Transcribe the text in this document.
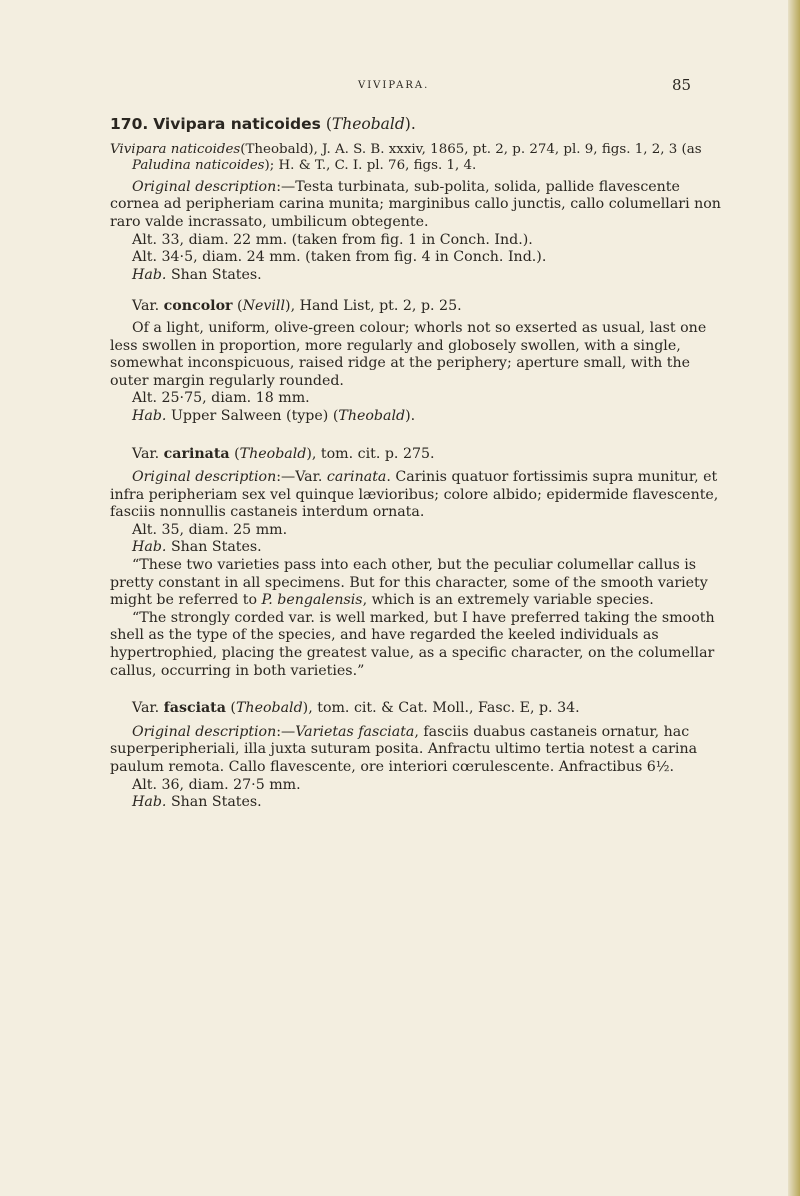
VIVIPARA.	85

170. Vivipara naticoides (Theobald).

Vivipara naticoides(Theobald), J. A. S. B. xxxiv, 1865, pt. 2, p. 274, pl. 9, figs. 1, 2, 3 (as Paludina naticoides); H. & T., C. I. pl. 76, figs. 1, 4.

Original description:—Testa turbinata, sub-polita, solida, pallide flavescente cornea ad peripheriam carina munita; marginibus callo junctis, callo columellari non raro valde incrassato, umbilicum obtegente.

Alt. 33, diam. 22 mm. (taken from fig. 1 in Conch. Ind.).

Alt. 34·5, diam. 24 mm. (taken from fig. 4 in Conch. Ind.).

Hab. Shan States.

Var. concolor (Nevill), Hand List, pt. 2, p. 25.

Of a light, uniform, olive-green colour; whorls not so exserted as usual, last one less swollen in proportion, more regularly and globosely swollen, with a single, somewhat inconspicuous, raised ridge at the periphery; aperture small, with the outer margin regularly rounded.

Alt. 25·75, diam. 18 mm.

Hab. Upper Salween (type) (Theobald).

Var. carinata (Theobald), tom. cit. p. 275.

Original description:—Var. carinata. Carinis quatuor fortissimis supra munitur, et infra peripheriam sex vel quinque lævioribus; colore albido; epidermide flavescente, fasciis nonnullis castaneis interdum ornata.

Alt. 35, diam. 25 mm.

Hab. Shan States.

“These two varieties pass into each other, but the peculiar columellar callus is pretty constant in all specimens. But for this character, some of the smooth variety might be referred to P. bengalensis, which is an extremely variable species.

“The strongly corded var. is well marked, but I have preferred taking the smooth shell as the type of the species, and have regarded the keeled individuals as hypertrophied, placing the greatest value, as a specific character, on the columellar callus, occurring in both varieties.”

Var. fasciata (Theobald), tom. cit. & Cat. Moll., Fasc. E, p. 34.

Original description:—Varietas fasciata, fasciis duabus castaneis ornatur, hac superperipheriali, illa juxta suturam posita. Anfractu ultimo tertia notest a carina paulum remota. Callo flavescente, ore interiori cœrulescente. Anfractibus 6½.

Alt. 36, diam. 27·5 mm.

Hab. Shan States.
